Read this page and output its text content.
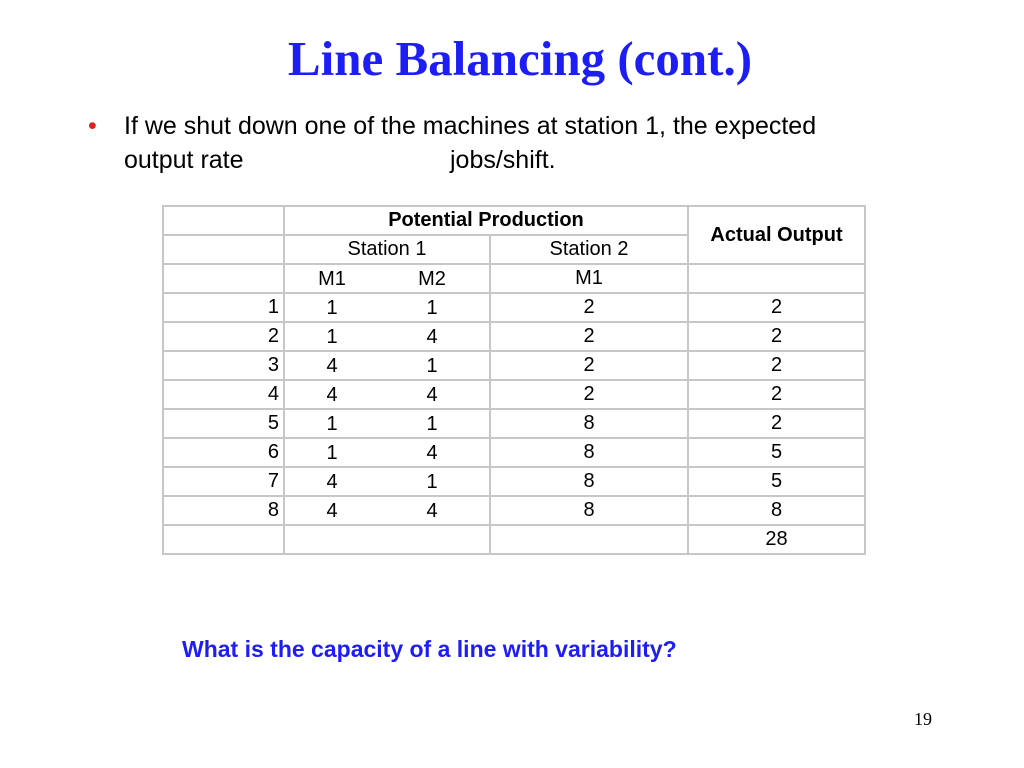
Line Balancing (cont.)
• If we shut down one of the machines at station 1, the expected
output rate	jobs/shift.
	Potential Production		Actual Output
	Station 1	Station 2	

	M1 M2	M1	
1	1 1	2	2
2	1 4	2	2
3	4 1	2	2
4	4 4	2	2
5	1 1	8	2
6	1 4	8	5
7	4 1	8	5
8	4 4	8	8
			28
What is the capacity of a line with variability?
19
